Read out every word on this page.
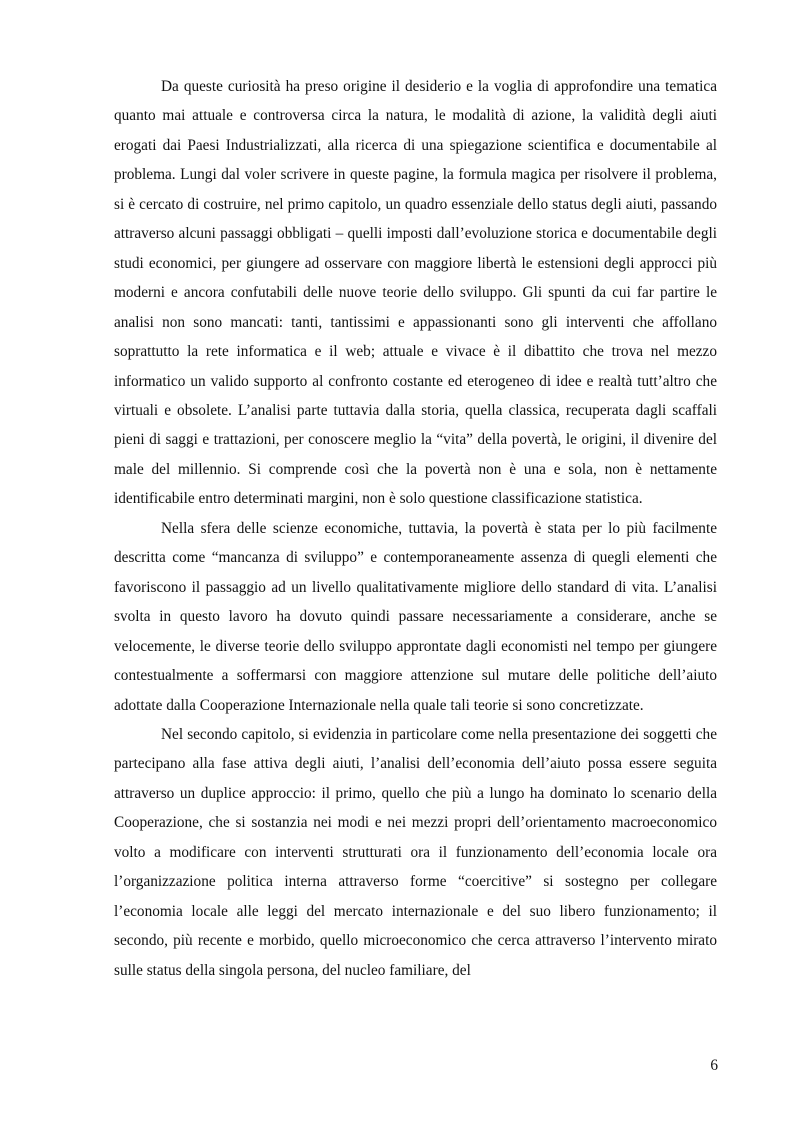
Da queste curiosità ha preso origine il desiderio e la voglia di approfondire una tematica quanto mai attuale e controversa circa la natura, le modalità di azione, la validità degli aiuti erogati dai Paesi Industrializzati, alla ricerca di una spiegazione scientifica e documentabile al problema. Lungi dal voler scrivere in queste pagine, la formula magica per risolvere il problema, si è cercato di costruire, nel primo capitolo, un quadro essenziale dello status degli aiuti, passando attraverso alcuni passaggi obbligati – quelli imposti dall’evoluzione storica e documentabile degli studi economici, per giungere ad osservare con maggiore libertà le estensioni degli approcci più moderni e ancora confutabili delle nuove teorie dello sviluppo. Gli spunti da cui far partire le analisi non sono mancati: tanti, tantissimi e appassionanti sono gli interventi che affollano soprattutto la rete informatica e il web; attuale e vivace è il dibattito che trova nel mezzo informatico un valido supporto al confronto costante ed eterogeneo di idee e realtà tutt’altro che virtuali e obsolete. L’analisi parte tuttavia dalla storia, quella classica, recuperata dagli scaffali pieni di saggi e trattazioni, per conoscere meglio la “vita” della povertà, le origini, il divenire del male del millennio. Si comprende così che la povertà non è una e sola, non è nettamente identificabile entro determinati margini, non è solo questione classificazione statistica.

Nella sfera delle scienze economiche, tuttavia, la povertà è stata per lo più facilmente descritta come “mancanza di sviluppo” e contemporaneamente assenza di quegli elementi che favoriscono il passaggio ad un livello qualitativamente migliore dello standard di vita. L’analisi svolta in questo lavoro ha dovuto quindi passare necessariamente a considerare, anche se velocemente, le diverse teorie dello sviluppo approntate dagli economisti nel tempo per giungere contestualmente a soffermarsi con maggiore attenzione sul mutare delle politiche dell’aiuto adottate dalla Cooperazione Internazionale nella quale tali teorie si sono concretizzate.

Nel secondo capitolo, si evidenzia in particolare come nella presentazione dei soggetti che partecipano alla fase attiva degli aiuti, l’analisi dell’economia dell’aiuto possa essere seguita attraverso un duplice approccio: il primo, quello che più a lungo ha dominato lo scenario della Cooperazione, che si sostanzia nei modi e nei mezzi propri dell’orientamento macroeconomico volto a modificare con interventi strutturati ora il funzionamento dell’economia locale ora l’organizzazione politica interna attraverso forme “coercitive” si sostegno per collegare l’economia locale alle leggi del mercato internazionale e del suo libero funzionamento; il secondo, più recente e morbido, quello microeconomico che cerca attraverso l’intervento mirato sulle status della singola persona, del nucleo familiare, del

6
